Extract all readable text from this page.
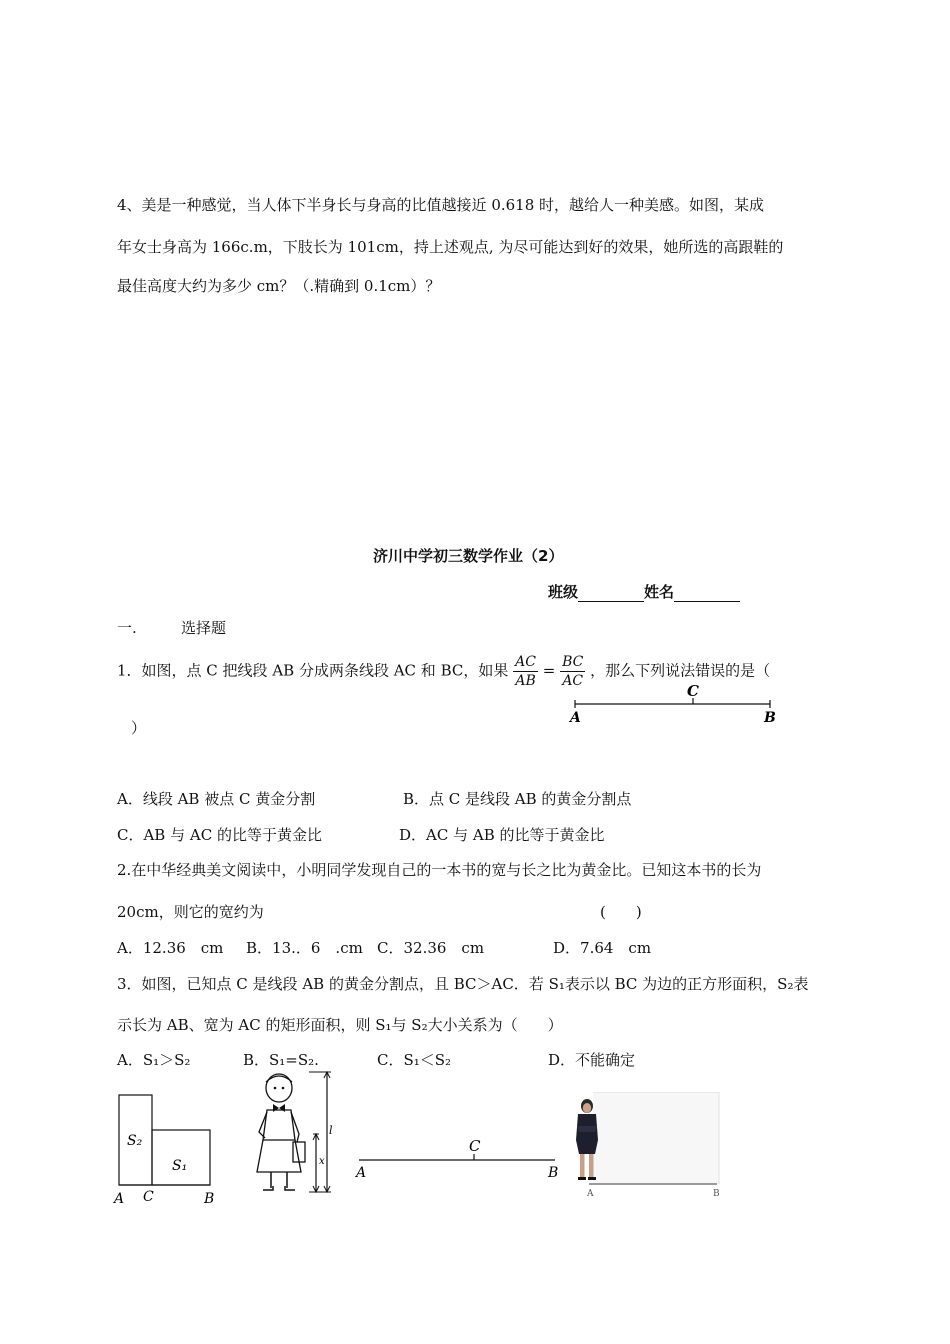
4、美是一种感觉，当人体下半身长与身高的比值越接近 0.618 时，越给人一种美感。如图，某成
年女士身高为 166c.m，下肢长为 101cm，持上述观点, 为尽可能达到好的效果，她所选的高跟鞋的
最佳高度大约为多少 cm？（.精确到 0.1cm）？
济川中学初三数学作业（2）
班级	姓名
一.	选择题
1．如图，点 C 把线段 AB 分成两条线段 AC 和 BC，如果 $\frac{AC}{AB} = \frac{BC}{AC}$ ，那么下列说法错误的是（
）
C
A	B
A．线段 AB 被点 C 黄金分割	B．点 C 是线段 AB 的黄金分割点
C．AB 与 AC 的比等于黄金比	D．AC 与 AB 的比等于黄金比
2.在中华经典美文阅读中，小明同学发现自己的一本书的宽与长之比为黄金比。已知这本书的长为
20cm，则它的宽约为	(　　)
A．12.36　cm B．13.．6　.cm C．32.36　cm	D．7.64　cm
3．如图，已知点 C 是线段 AB 的黄金分割点，且 BC＞AC．若 S₁表示以 BC 为边的正方形面积，S₂表
示长为 AB、宽为 AC 的矩形面积，则 S₁与 S₂大小关系为（　　）
A．S₁＞S₂	B．S₁=S₂.	C．S₁＜S₂	D．不能确定
S₂
S₁
A C	B
l
x
C
A	B
A	B
